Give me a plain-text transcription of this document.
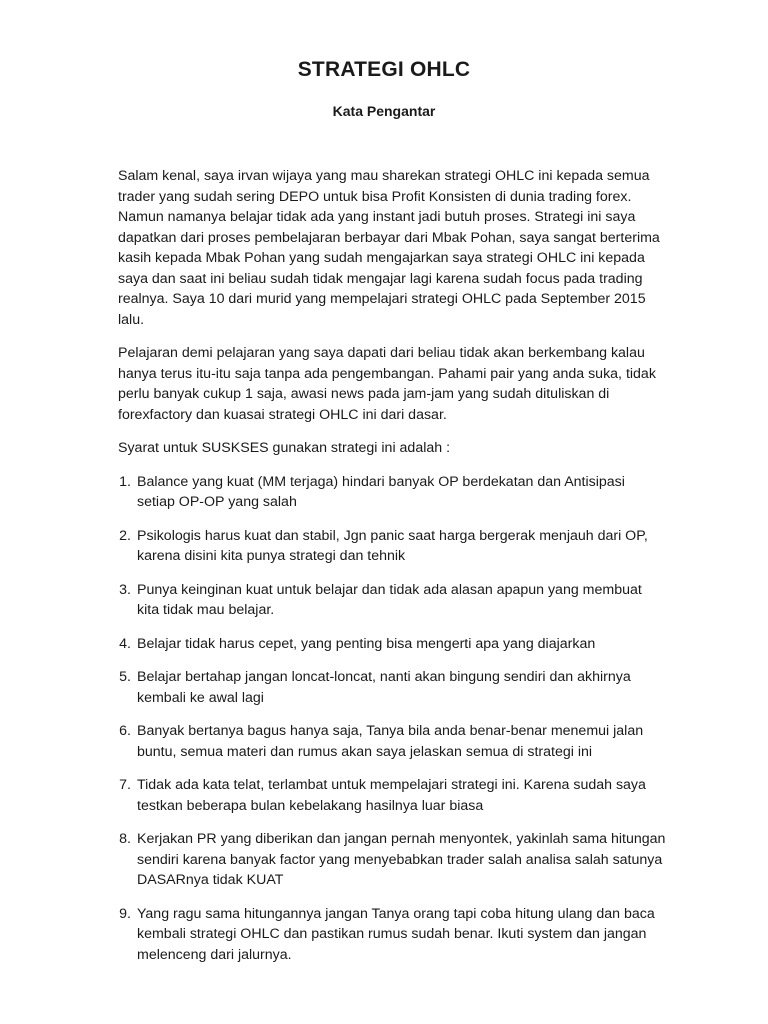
STRATEGI OHLC
Kata Pengantar

Salam kenal, saya irvan wijaya yang mau sharekan strategi OHLC ini kepada semua trader yang sudah sering DEPO untuk bisa Profit Konsisten di dunia trading forex. Namun namanya belajar tidak ada yang instant jadi butuh proses. Strategi ini saya dapatkan dari proses pembelajaran berbayar dari Mbak Pohan, saya sangat berterima kasih kepada Mbak Pohan yang sudah mengajarkan saya strategi OHLC ini kepada saya dan saat ini beliau sudah tidak mengajar lagi karena sudah focus pada trading realnya. Saya 10 dari murid yang mempelajari strategi OHLC pada September 2015 lalu.

Pelajaran demi pelajaran yang saya dapati dari beliau tidak akan berkembang kalau hanya terus itu-itu saja tanpa ada pengembangan. Pahami pair yang anda suka, tidak perlu banyak cukup 1 saja, awasi news pada jam-jam yang sudah dituliskan di forexfactory dan kuasai strategi OHLC ini dari dasar.

Syarat untuk SUSKSES gunakan strategi ini adalah :

1. Balance yang kuat (MM terjaga) hindari banyak OP berdekatan dan Antisipasi setiap OP-OP yang salah
2. Psikologis harus kuat dan stabil, Jgn panic saat harga bergerak menjauh dari OP, karena disini kita punya strategi dan tehnik
3. Punya keinginan kuat untuk belajar dan tidak ada alasan apapun yang membuat kita tidak mau belajar.
4. Belajar tidak harus cepet, yang penting bisa mengerti apa yang diajarkan
5. Belajar bertahap jangan loncat-loncat, nanti akan bingung sendiri dan akhirnya kembali ke awal lagi
6. Banyak bertanya bagus hanya saja, Tanya bila anda benar-benar menemui jalan buntu, semua materi dan rumus akan saya jelaskan semua di strategi ini
7. Tidak ada kata telat, terlambat untuk mempelajari strategi ini. Karena sudah saya testkan beberapa bulan kebelakang hasilnya luar biasa
8. Kerjakan PR yang diberikan dan jangan pernah menyontek, yakinlah sama hitungan sendiri karena banyak factor yang menyebabkan trader salah analisa salah satunya DASARnya tidak KUAT
9. Yang ragu sama hitungannya jangan Tanya orang tapi coba hitung ulang dan baca kembali strategi OHLC dan pastikan rumus sudah benar. Ikuti system dan jangan melenceng dari jalurnya.
